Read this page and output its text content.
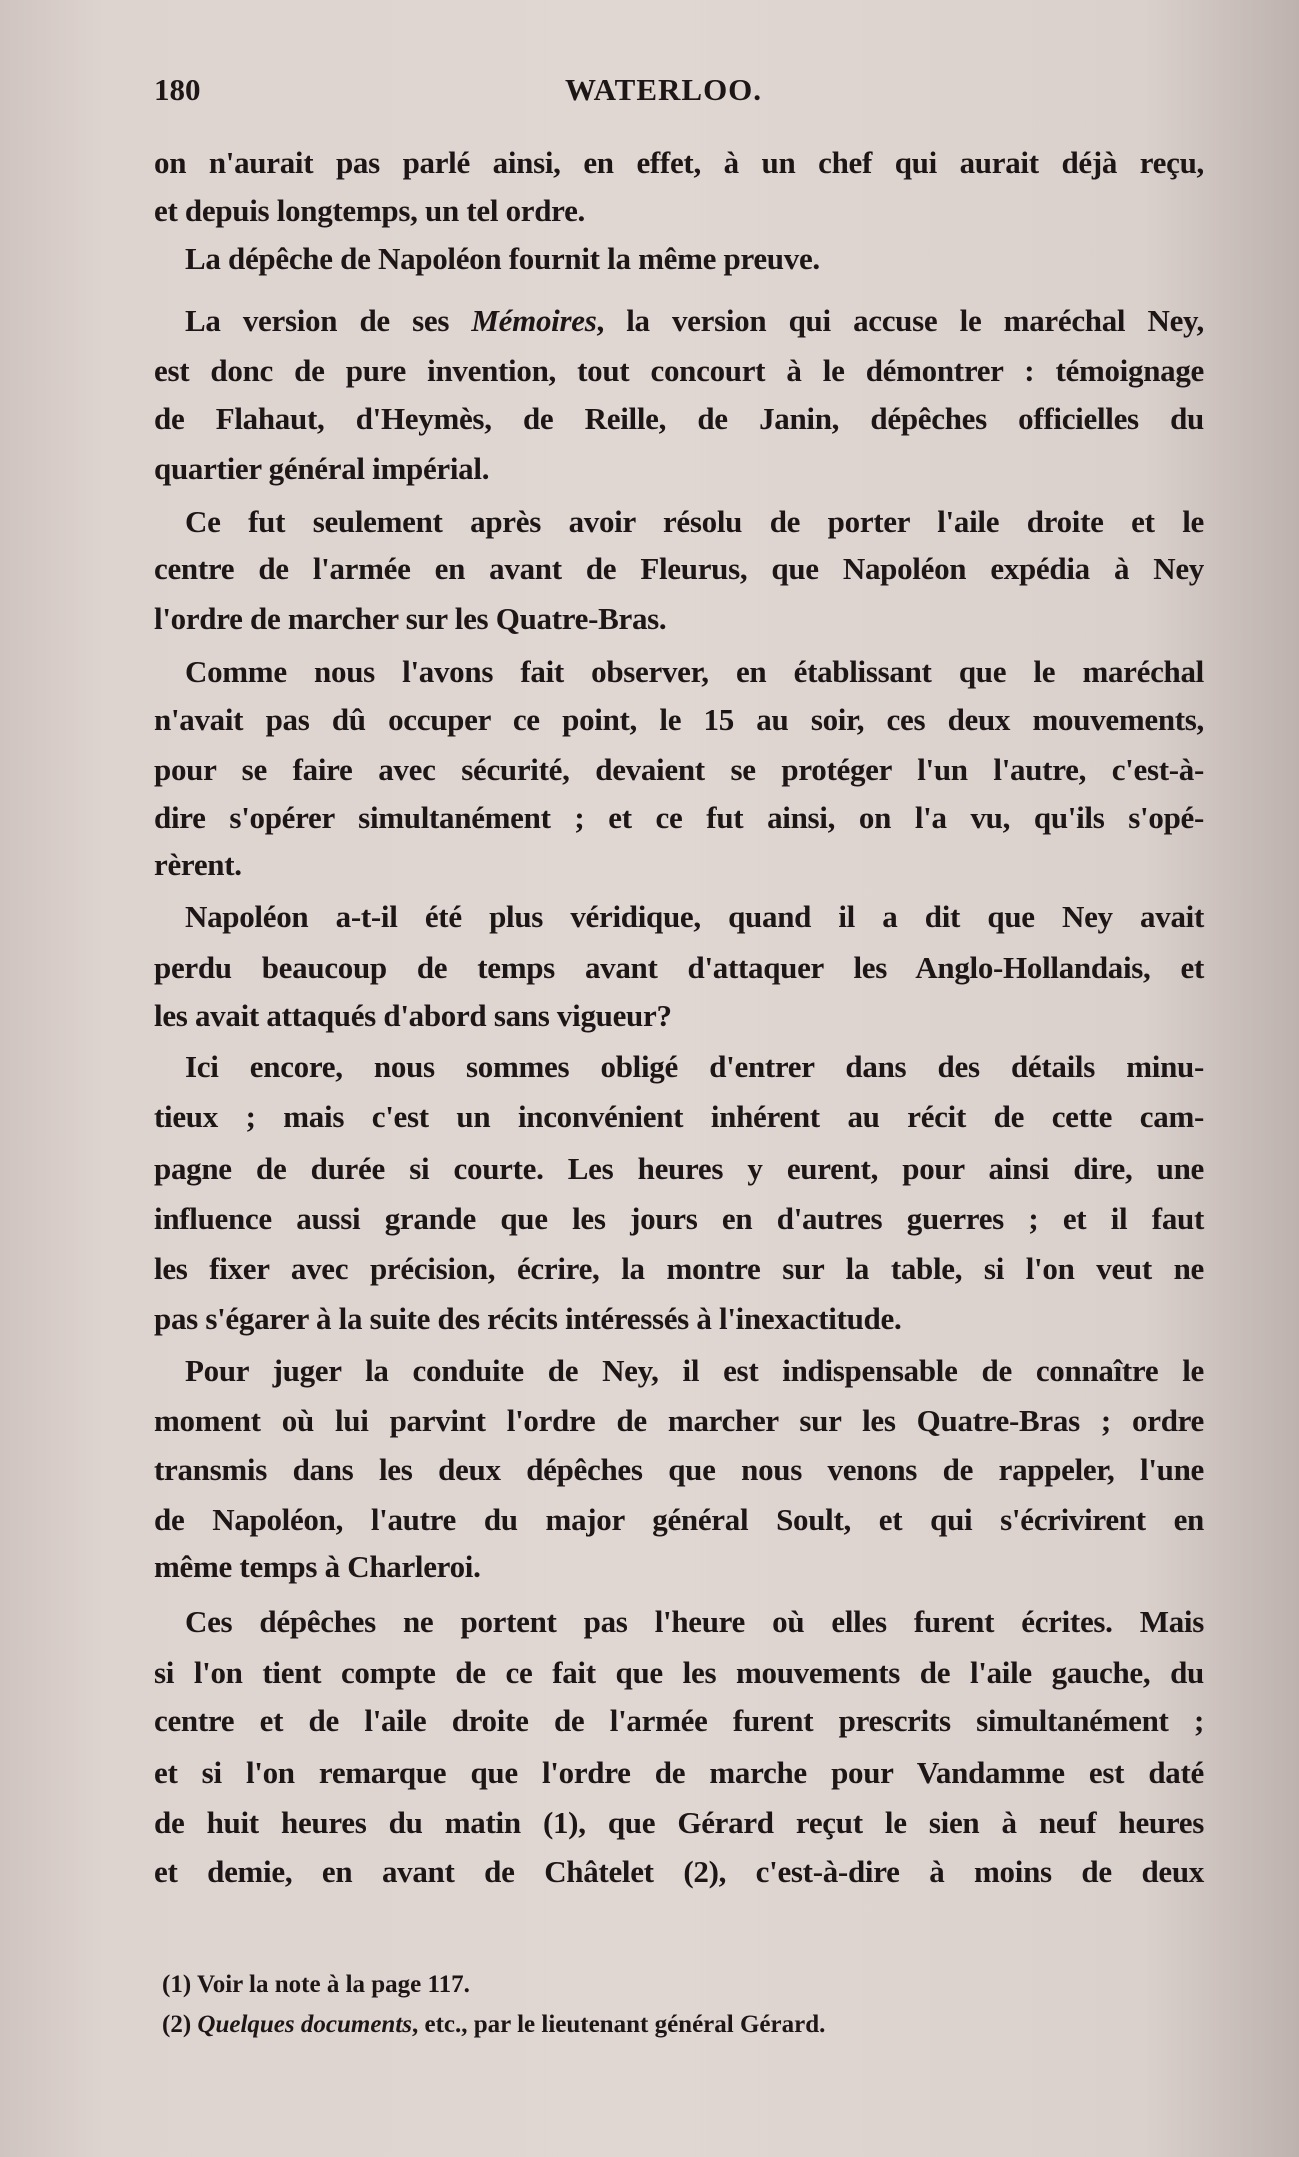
180	WATERLOO.
on n'aurait pas parlé ainsi, en effet, à un chef qui aurait déjà reçu,
et depuis longtemps, un tel ordre.
La dépêche de Napoléon fournit la même preuve.
La version de ses Mémoires, la version qui accuse le maréchal Ney,
est donc de pure invention, tout concourt à le démontrer : témoignage
de Flahaut, d'Heymès, de Reille, de Janin, dépêches officielles du
quartier général impérial.
Ce fut seulement après avoir résolu de porter l'aile droite et le
centre de l'armée en avant de Fleurus, que Napoléon expédia à Ney
l'ordre de marcher sur les Quatre-Bras.
Comme nous l'avons fait observer, en établissant que le maréchal
n'avait pas dû occuper ce point, le 15 au soir, ces deux mouvements,
pour se faire avec sécurité, devaient se protéger l'un l'autre, c'est-à-
dire s'opérer simultanément ; et ce fut ainsi, on l'a vu, qu'ils s'opé-
rèrent.
Napoléon a-t-il été plus véridique, quand il a dit que Ney avait
perdu beaucoup de temps avant d'attaquer les Anglo-Hollandais, et
les avait attaqués d'abord sans vigueur?
Ici encore, nous sommes obligé d'entrer dans des détails minu-
tieux ; mais c'est un inconvénient inhérent au récit de cette cam-
pagne de durée si courte. Les heures y eurent, pour ainsi dire, une
influence aussi grande que les jours en d'autres guerres ; et il faut
les fixer avec précision, écrire, la montre sur la table, si l'on veut ne
pas s'égarer à la suite des récits intéressés à l'inexactitude.
Pour juger la conduite de Ney, il est indispensable de connaître le
moment où lui parvint l'ordre de marcher sur les Quatre-Bras ; ordre
transmis dans les deux dépêches que nous venons de rappeler, l'une
de Napoléon, l'autre du major général Soult, et qui s'écrivirent en
même temps à Charleroi.
Ces dépêches ne portent pas l'heure où elles furent écrites. Mais
si l'on tient compte de ce fait que les mouvements de l'aile gauche, du
centre et de l'aile droite de l'armée furent prescrits simultanément ;
et si l'on remarque que l'ordre de marche pour Vandamme est daté
de huit heures du matin (1), que Gérard reçut le sien à neuf heures
et demie, en avant de Châtelet (2), c'est-à-dire à moins de deux
(1) Voir la note à la page 117.
(2) Quelques documents, etc., par le lieutenant général Gérard.
